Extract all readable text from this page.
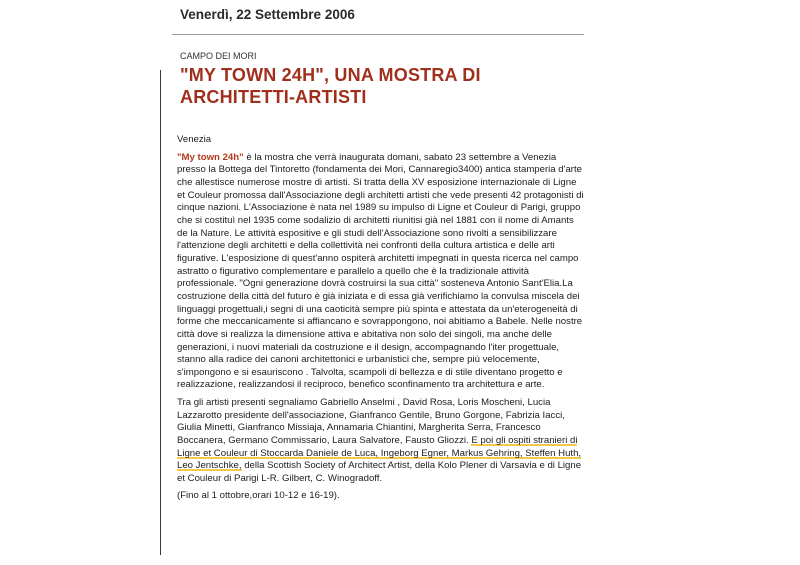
Venerdì, 22 Settembre 2006
CAMPO DEI MORI
"MY TOWN 24H", UNA MOSTRA DI ARCHITETTI-ARTISTI

Venezia

"My town 24h" è la mostra che verrà inaugurata domani, sabato 23 settembre a Venezia presso la Bottega del Tintoretto (fondamenta dei Mori, Cannaregio3400) antica stamperia d'arte che allestisce numerose mostre di artisti. Si tratta della XV esposizione internazionale di Ligne et Couleur promossa dall'Associazione degli architetti artisti che vede presenti 42 protagonisti di cinque nazioni. L'Associazione è nata nel 1989 su impulso di Ligne et Couleur di Parigi, gruppo che si costituì nel 1935 come sodalizio di architetti riunitisi già nel 1881 con il nome di Amants de la Nature. Le attività espositive e gli studi dell'Associazione sono rivolti a sensibilizzare l'attenzione degli architetti e della collettività nei confronti della cultura artistica e delle arti figurative. L'esposizione di quest'anno ospiterà architetti impegnati in questa ricerca nel campo astratto o figurativo complementare e parallelo a quello che è la tradizionale attività professionale. "Ogni generazione dovrà costruirsi la sua città" sosteneva Antonio Sant'Elia.La costruzione della città del futuro è già iniziata e di essa già verifichiamo la convulsa miscela dei linguaggi progettuali,i segni di una caoticità sempre più spinta e attestata da un'eterogeneità di forme che meccanicamente si affiancano e sovrappongono, noi abitiamo a Babele. Nelle nostre città dove si realizza la dimensione attiva e abitativa non solo dei singoli, ma anche delle generazioni, i nuovi materiali da costruzione e il design, accompagnando l'iter progettuale, stanno alla radice dei canoni architettonici e urbanistici che, sempre più velocemente, s'impongono e si esauriscono . Talvolta, scampoli di bellezza e di stile diventano progetto e realizzazione, realizzandosi il reciproco, benefico sconfinamento tra architettura e arte.

Tra gli artisti presenti segnaliamo Gabriello Anselmi , David Rosa, Loris Moscheni, Lucia Lazzarotto presidente dell'associazione, Gianfranco Gentile, Bruno Gorgone, Fabrizia Iacci, Giulia Minetti, Gianfranco Missiaja, Annamaria Chiantini, Margherita Serra, Francesco Boccanera, Germano Commissario, Laura Salvatore, Fausto Gliozzi. E poi gli ospiti stranieri di Ligne et Couleur di Stoccarda Daniele de Luca, Ingeborg Egner, Markus Gehring, Steffen Huth, Leo Jentschke, della Scottish Society of Architect Artist, della Kolo Plener di Varsavia e di Ligne et Couleur di Parigi L-R. Gilbert, C. Winogradoff.

(Fino al 1 ottobre,orari 10-12 e 16-19).
